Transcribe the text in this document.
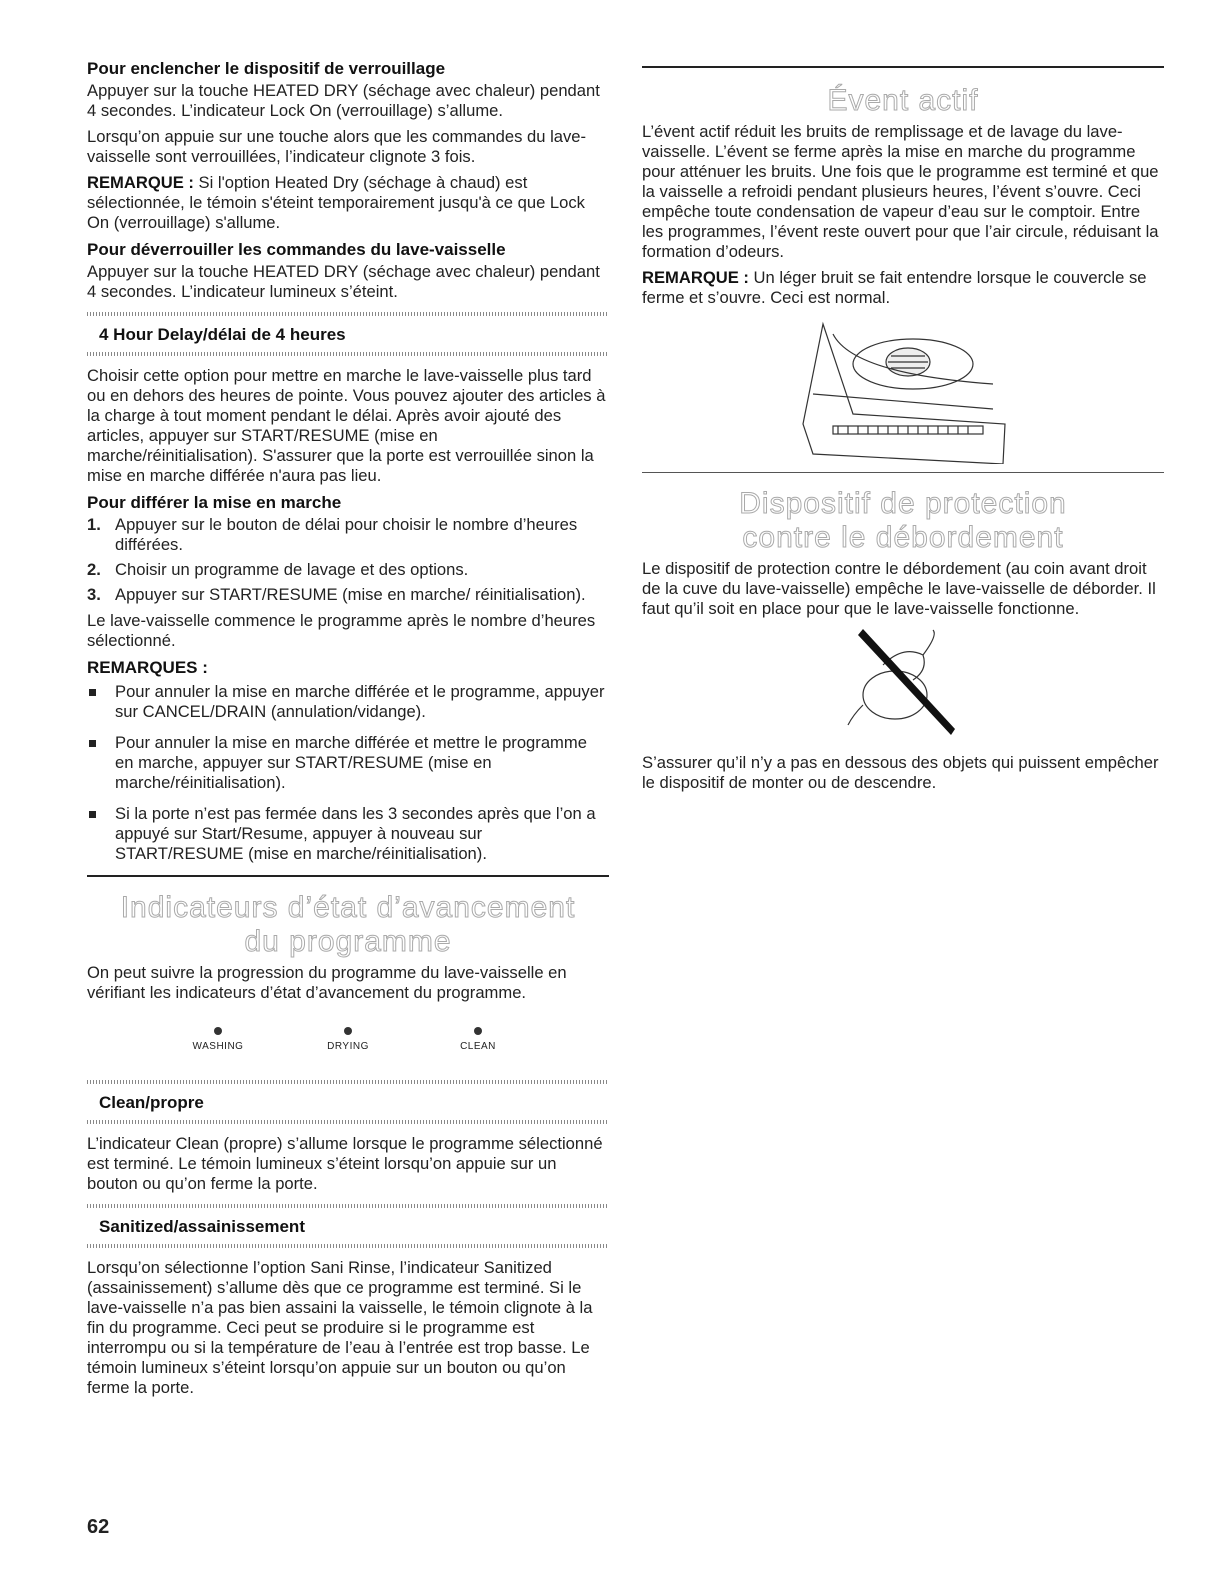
Pour enclencher le dispositif de verrouillage

Appuyer sur la touche HEATED DRY (séchage avec chaleur) pendant 4 secondes. L’indicateur Lock On (verrouillage) s’allume.

Lorsqu’on appuie sur une touche alors que les commandes du lave-vaisselle sont verrouillées, l’indicateur clignote 3 fois.

REMARQUE : Si l'option Heated Dry (séchage à chaud) est sélectionnée, le témoin s'éteint temporairement jusqu'à ce que Lock On (verrouillage) s'allume.

Pour déverrouiller les commandes du lave-vaisselle

Appuyer sur la touche HEATED DRY (séchage avec chaleur) pendant 4 secondes. L’indicateur lumineux s’éteint.

4 Hour Delay/délai de 4 heures

Choisir cette option pour mettre en marche le lave-vaisselle plus tard ou en dehors des heures de pointe. Vous pouvez ajouter des articles à la charge à tout moment pendant le délai. Après avoir ajouté des articles, appuyer sur START/RESUME (mise en marche/réinitialisation). S'assurer que la porte est verrouillée sinon la mise en marche différée n'aura pas lieu.

Pour différer la mise en marche
1. Appuyer sur le bouton de délai pour choisir le nombre d’heures différées.
2. Choisir un programme de lavage et des options.
3. Appuyer sur START/RESUME (mise en marche/ réinitialisation).

Le lave-vaisselle commence le programme après le nombre d’heures sélectionné.

REMARQUES :
Pour annuler la mise en marche différée et le programme, appuyer sur CANCEL/DRAIN (annulation/vidange).
Pour annuler la mise en marche différée et mettre le programme en marche, appuyer sur START/RESUME (mise en marche/réinitialisation).
Si la porte n’est pas fermée dans les 3 secondes après que l’on a appuyé sur Start/Resume, appuyer à nouveau sur START/RESUME (mise en marche/réinitialisation).
Indicateurs d’état d’avancement
du programme

On peut suivre la progression du programme du lave-vaisselle en vérifiant les indicateurs d’état d’avancement du programme.

WASHING	DRYING	CLEAN
Clean/propre

L’indicateur Clean (propre) s’allume lorsque le programme sélectionné est terminé. Le témoin lumineux s’éteint lorsqu’on appuie sur un bouton ou qu’on ferme la porte.

Sanitized/assainissement

Lorsqu’on sélectionne l’option Sani Rinse, l’indicateur Sanitized (assainissement) s’allume dès que ce programme est terminé. Si le lave-vaisselle n’a pas bien assaini la vaisselle, le témoin clignote à la fin du programme. Ceci peut se produire si le programme est interrompu ou si la température de l’eau à l’entrée est trop basse. Le témoin lumineux s’éteint lorsqu’on appuie sur un bouton ou qu’on ferme la porte.

Évent actif

L’évent actif réduit les bruits de remplissage et de lavage du lave-vaisselle. L’évent se ferme après la mise en marche du programme pour atténuer les bruits. Une fois que le programme est terminé et que la vaisselle a refroidi pendant plusieurs heures, l’évent s’ouvre. Ceci empêche toute condensation de vapeur d’eau sur le comptoir. Entre les programmes, l’évent reste ouvert pour que l’air circule, réduisant la formation d’odeurs.

REMARQUE : Un léger bruit se fait entendre lorsque le couvercle se ferme et s’ouvre. Ceci est normal.

Dispositif de protection
contre le débordement

Le dispositif de protection contre le débordement (au coin avant droit de la cuve du lave-vaisselle) empêche le lave-vaisselle de déborder. Il faut qu’il soit en place pour que le lave-vaisselle fonctionne.

S’assurer qu’il n’y a pas en dessous des objets qui puissent empêcher le dispositif de monter ou de descendre.

62
